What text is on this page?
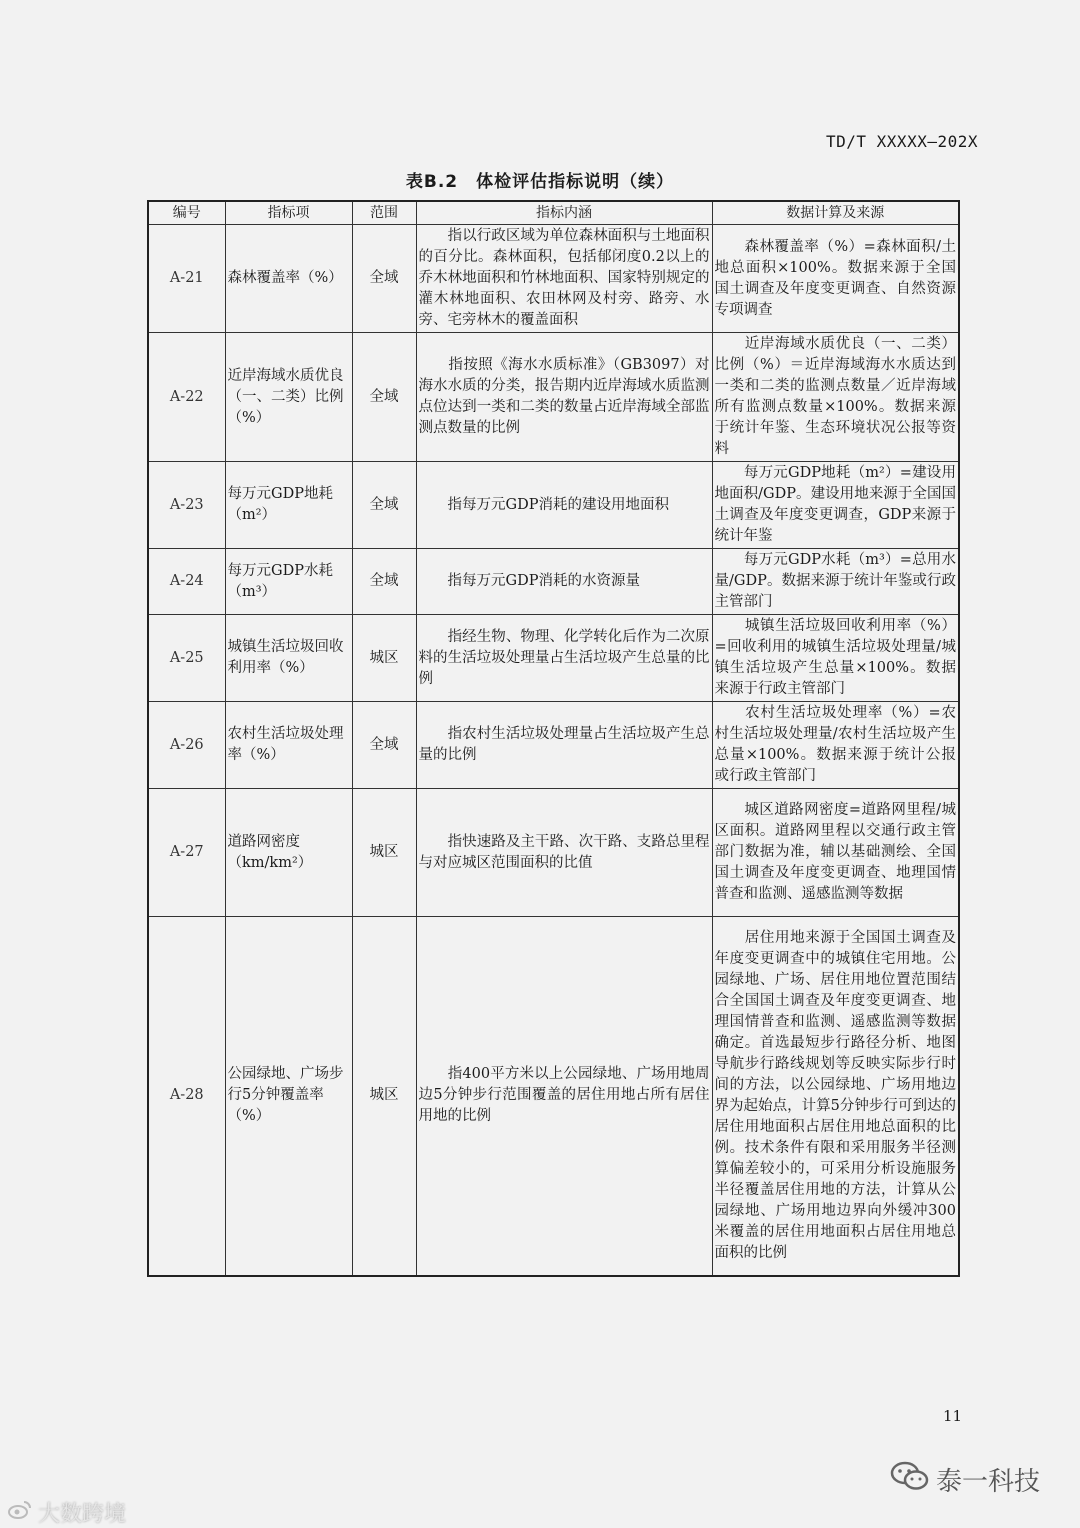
TD/T XXXXX—202X
表B.2　体检评估指标说明（续）
编号	指标项	范围	指标内涵	数据计算及来源
A-21	森林覆盖率（%）	全域	　　指以行政区域为单位森林面积与土地面积的百分比。森林面积，包括郁闭度0.2以上的乔木林地面积和竹林地面积、国家特别规定的灌木林地面积、农田林网及村旁、路旁、水旁、宅旁林木的覆盖面积	　　森林覆盖率（%）=森林面积/土地总面积×100%。数据来源于全国国土调查及年度变更调查、自然资源专项调查
A-22	近岸海域水质优良（一、二类）比例（%）	全域	　　指按照《海水水质标准》（GB3097）对海水水质的分类，报告期内近岸海域水质监测点位达到一类和二类的数量占近岸海域全部监测点数量的比例	　　近岸海域水质优良（一、二类）比例（%）＝近岸海域海水水质达到一类和二类的监测点数量／近岸海域所有监测点数量×100%。数据来源于统计年鉴、生态环境状况公报等资料
A-23	每万元GDP地耗（m²）	全域	　　指每万元GDP消耗的建设用地面积	　　每万元GDP地耗（m²）=建设用地面积/GDP。建设用地来源于全国国土调查及年度变更调查，GDP来源于统计年鉴
A-24	每万元GDP水耗（m³）	全域	　　指每万元GDP消耗的水资源量	　　每万元GDP水耗（m³）=总用水量/GDP。数据来源于统计年鉴或行政主管部门
A-25	城镇生活垃圾回收利用率（%）	城区	　　指经生物、物理、化学转化后作为二次原料的生活垃圾处理量占生活垃圾产生总量的比例	　　城镇生活垃圾回收利用率（%）=回收利用的城镇生活垃圾处理量/城镇生活垃圾产生总量×100%。数据来源于行政主管部门
A-26	农村生活垃圾处理率（%）	全域	　　指农村生活垃圾处理量占生活垃圾产生总量的比例	　　农村生活垃圾处理率（%）=农村生活垃圾处理量/农村生活垃圾产生总量×100%。数据来源于统计公报或行政主管部门
A-27	道路网密度（km/km²）	城区	　　指快速路及主干路、次干路、支路总里程与对应城区范围面积的比值	　　城区道路网密度=道路网里程/城区面积。道路网里程以交通行政主管部门数据为准，辅以基础测绘、全国国土调查及年度变更调查、地理国情普查和监测、遥感监测等数据
A-28	公园绿地、广场步行5分钟覆盖率（%）	城区	　　指400平方米以上公园绿地、广场用地周边5分钟步行范围覆盖的居住用地占所有居住用地的比例	　　居住用地来源于全国国土调查及年度变更调查中的城镇住宅用地。公园绿地、广场、居住用地位置范围结合全国国土调查及年度变更调查、地理国情普查和监测、遥感监测等数据确定。首选最短步行路径分析、地图导航步行路线规划等反映实际步行时间的方法，以公园绿地、广场用地边界为起始点，计算5分钟步行可到达的居住用地面积占居住用地总面积的比例。技术条件有限和采用服务半径测算偏差较小的，可采用分析设施服务半径覆盖居住用地的方法，计算从公园绿地、广场用地边界向外缓冲300米覆盖的居住用地面积占居住用地总面积的比例
11
大数跨境
泰一科技
